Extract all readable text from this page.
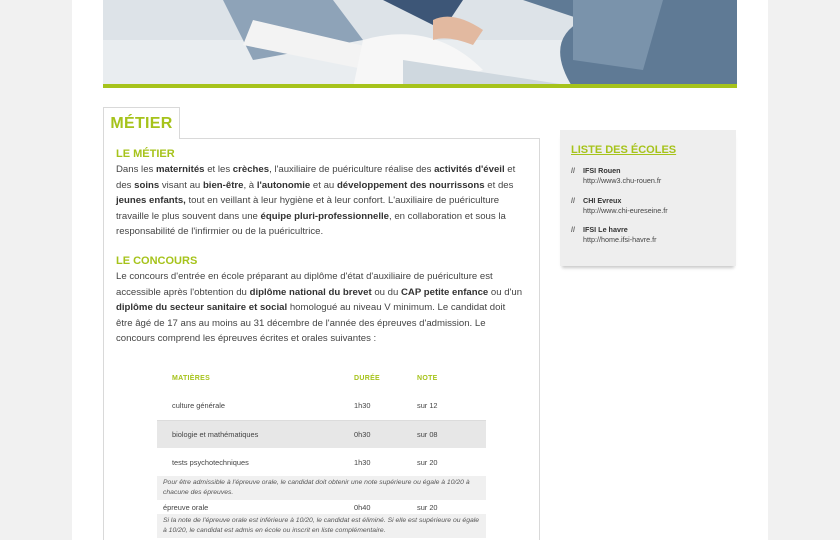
MÉTIER
LE MÉTIER

Dans les maternités et les crèches, l'auxiliaire de puériculture réalise des activités d'éveil et des soins visant au bien-être, à l'autonomie et au développement des nourrissons et des jeunes enfants, tout en veillant à leur hygiène et à leur confort. L'auxiliaire de puériculture travaille le plus souvent dans une équipe pluri-professionnelle, en collaboration et sous la responsabilité de l'infirmier ou de la puéricultrice.

LE CONCOURS

Le concours d'entrée en école préparant au diplôme d'état d'auxiliaire de puériculture est accessible après l'obtention du diplôme national du brevet ou du CAP petite enfance ou d'un diplôme du secteur sanitaire et social homologué au niveau V minimum. Le candidat doit être âgé de 17 ans au moins au 31 décembre de l'année des épreuves d'admission. Le concours comprend les épreuves écrites et orales suivantes :

MATIÈRES	DURÉE	NOTE
culture générale	1h30	sur 12
biologie et mathématiques	0h30	sur 08
tests psychotechniques	1h30	sur 20
Pour être admissible à l'épreuve orale, le candidat doit obtenir une note supérieure ou égale à 10/20 à chacune des épreuves.		
épreuve orale	0h40	sur 20
Si la note de l'épreuve orale est inférieure à 10/20, le candidat est éliminé. Si elle est supérieure ou égale à 10/20, le candidat est admis en école ou inscrit en liste complémentaire.		
LISTE DES ÉCOLES
// IFSI Rouen
http://www3.chu-rouen.fr
// CHI Evreux
http://www.chi-eureseine.fr
// IFSI Le havre
http://home.ifsi-havre.fr
